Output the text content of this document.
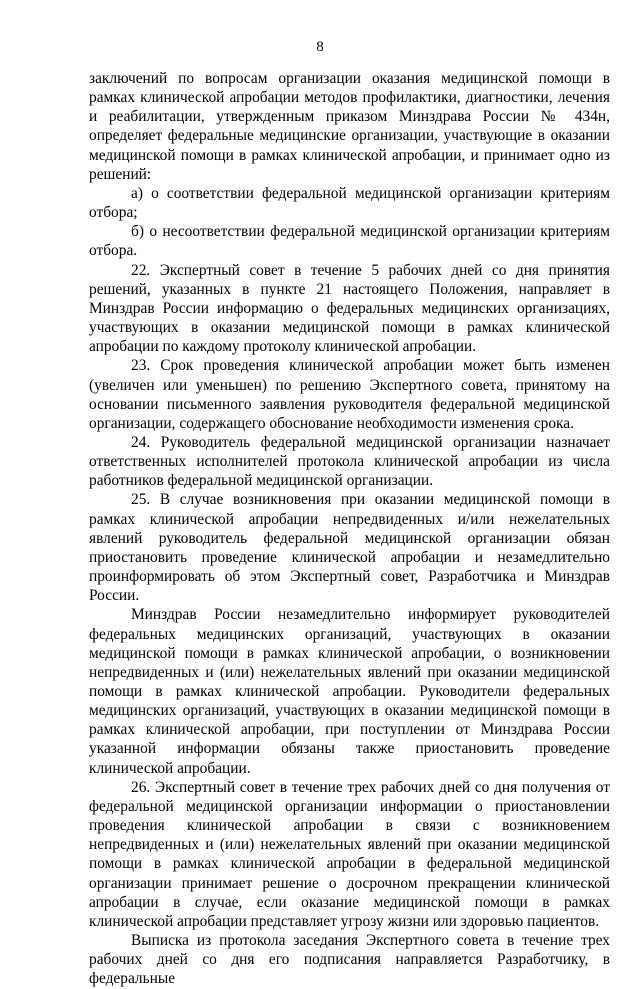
8

заключений по вопросам организации оказания медицинской помощи в рамках клинической апробации методов профилактики, диагностики, лечения и реабилитации, утвержденным приказом Минздрава России № 434н, определяет федеральные медицинские организации, участвующие в оказании медицинской помощи в рамках клинической апробации, и принимает одно из решений:

а) о соответствии федеральной медицинской организации критериям отбора;

б) о несоответствии федеральной медицинской организации критериям отбора.

22. Экспертный совет в течение 5 рабочих дней со дня принятия решений, указанных в пункте 21 настоящего Положения, направляет в Минздрав России информацию о федеральных медицинских организациях, участвующих в оказании медицинской помощи в рамках клинической апробации по каждому протоколу клинической апробации.

23. Срок проведения клинической апробации может быть изменен (увеличен или уменьшен) по решению Экспертного совета, принятому на основании письменного заявления руководителя федеральной медицинской организации, содержащего обоснование необходимости изменения срока.

24. Руководитель федеральной медицинской организации назначает ответственных исполнителей протокола клинической апробации из числа работников федеральной медицинской организации.

25. В случае возникновения при оказании медицинской помощи в рамках клинической апробации непредвиденных и/или нежелательных явлений руководитель федеральной медицинской организации обязан приостановить проведение клинической апробации и незамедлительно проинформировать об этом Экспертный совет, Разработчика и Минздрав России.

Минздрав России незамедлительно информирует руководителей федеральных медицинских организаций, участвующих в оказании медицинской помощи в рамках клинической апробации, о возникновении непредвиденных и (или) нежелательных явлений при оказании медицинской помощи в рамках клинической апробации. Руководители федеральных медицинских организаций, участвующих в оказании медицинской помощи в рамках клинической апробации, при поступлении от Минздрава России указанной информации обязаны также приостановить проведение клинической апробации.

26. Экспертный совет в течение трех рабочих дней со дня получения от федеральной медицинской организации информации о приостановлении проведения клинической апробации в связи с возникновением непредвиденных и (или) нежелательных явлений при оказании медицинской помощи в рамках клинической апробации в федеральной медицинской организации принимает решение о досрочном прекращении клинической апробации в случае, если оказание медицинской помощи в рамках клинической апробации представляет угрозу жизни или здоровью пациентов.

Выписка из протокола заседания Экспертного совета в течение трех рабочих дней со дня его подписания направляется Разработчику, в федеральные
